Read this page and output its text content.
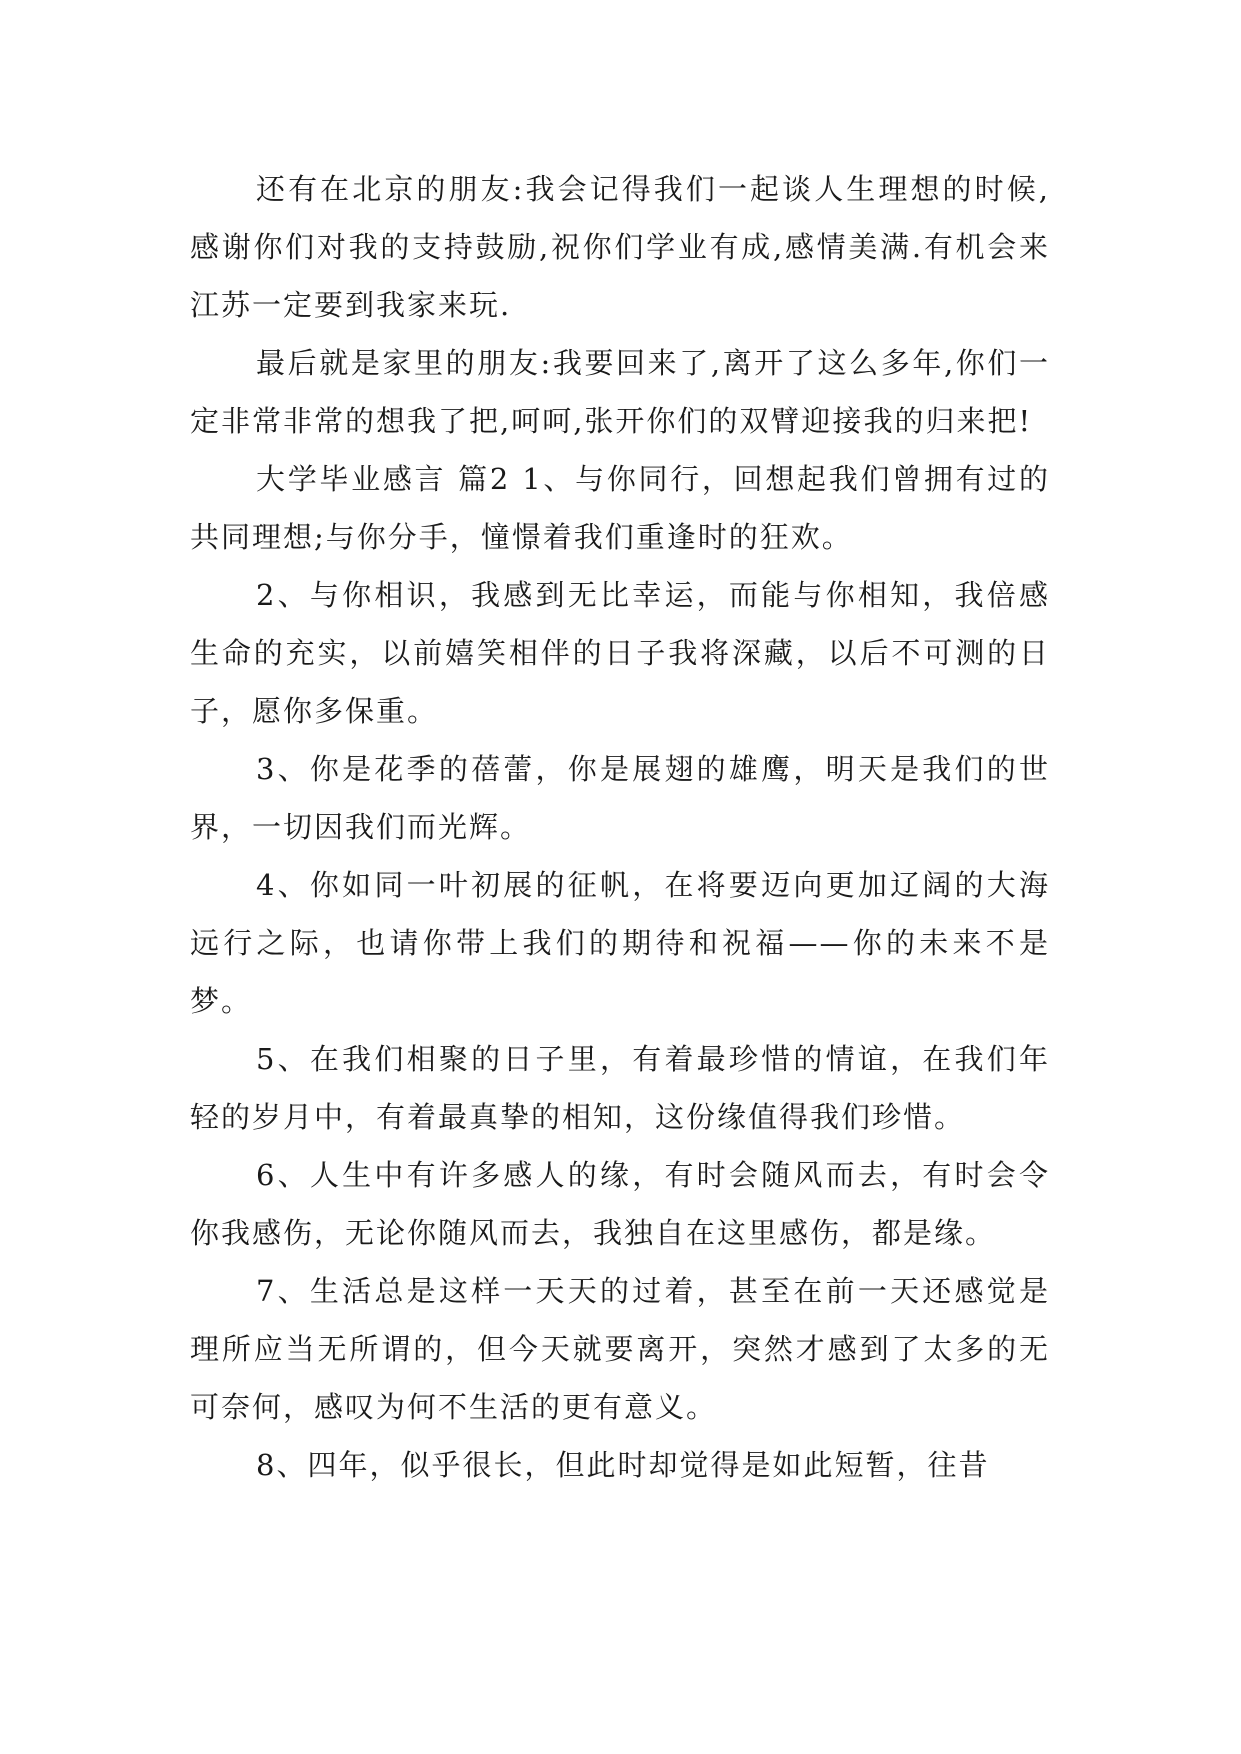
还有在北京的朋友:我会记得我们一起谈人生理想的时候,感谢你们对我的支持鼓励,祝你们学业有成,感情美满.有机会来江苏一定要到我家来玩.

最后就是家里的朋友:我要回来了,离开了这么多年,你们一定非常非常的想我了把,呵呵,张开你们的双臂迎接我的归来把!

大学毕业感言 篇2 1、与你同行，回想起我们曾拥有过的共同理想;与你分手，憧憬着我们重逢时的狂欢。

2、与你相识，我感到无比幸运，而能与你相知，我倍感生命的充实，以前嬉笑相伴的日子我将深藏，以后不可测的日子，愿你多保重。

3、你是花季的蓓蕾，你是展翅的雄鹰，明天是我们的世界，一切因我们而光辉。

4、你如同一叶初展的征帆，在将要迈向更加辽阔的大海远行之际，也请你带上我们的期待和祝福——你的未来不是梦。

5、在我们相聚的日子里，有着最珍惜的情谊，在我们年轻的岁月中，有着最真挚的相知，这份缘值得我们珍惜。

6、人生中有许多感人的缘，有时会随风而去，有时会令你我感伤，无论你随风而去，我独自在这里感伤，都是缘。

7、生活总是这样一天天的过着，甚至在前一天还感觉是理所应当无所谓的，但今天就要离开，突然才感到了太多的无可奈何，感叹为何不生活的更有意义。

8、四年，似乎很长，但此时却觉得是如此短暂，往昔
